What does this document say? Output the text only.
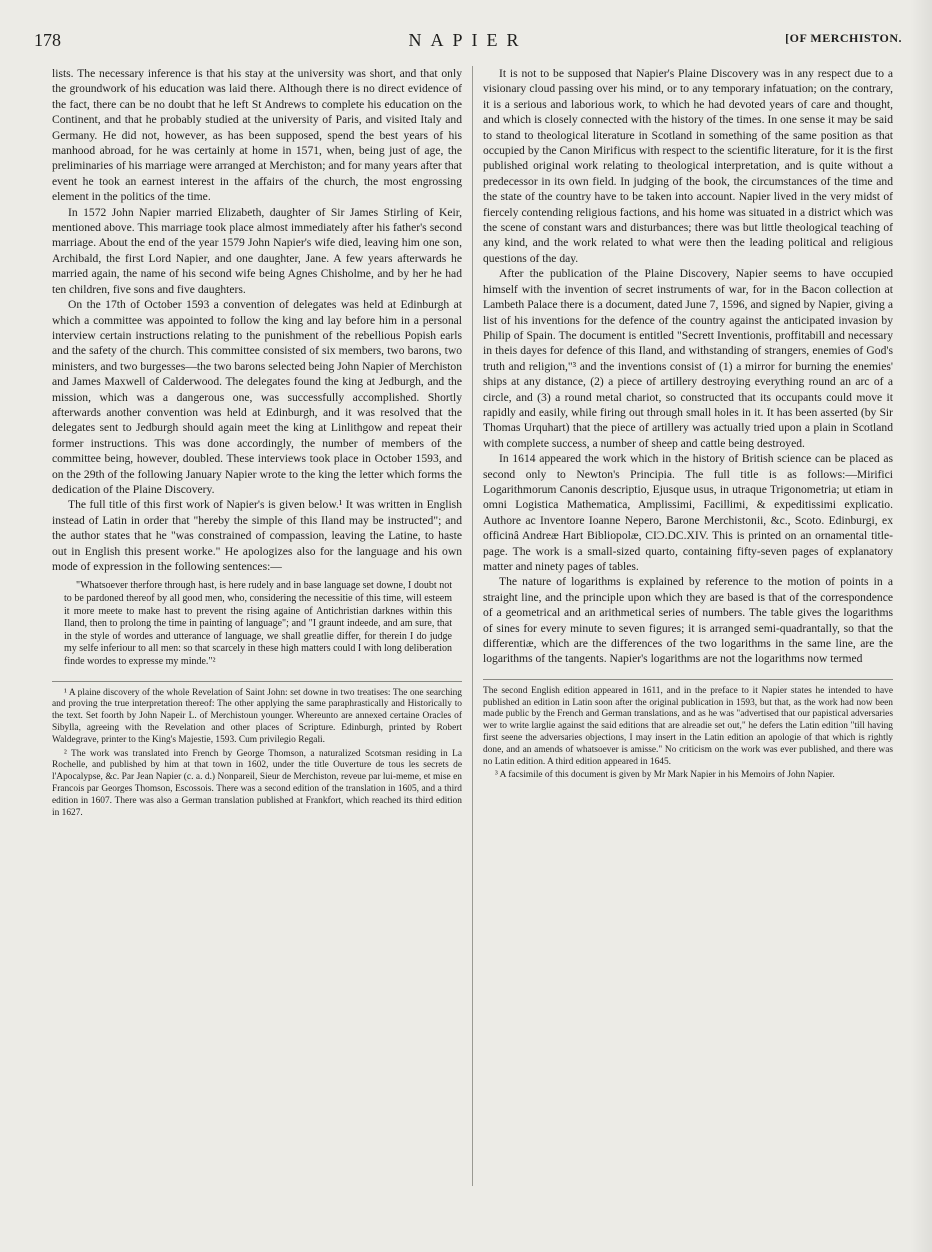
178	NAPIER	[OF MERCHISTON.

lists. The necessary inference is that his stay at the university was short, and that only the groundwork of his education was laid there. Although there is no direct evidence of the fact, there can be no doubt that he left St Andrews to complete his education on the Continent, and that he probably studied at the university of Paris, and visited Italy and Germany. He did not, however, as has been supposed, spend the best years of his manhood abroad, for he was certainly at home in 1571, when, being just of age, the preliminaries of his marriage were arranged at Merchiston; and for many years after that event he took an earnest interest in the affairs of the church, the most engrossing element in the politics of the time.

In 1572 John Napier married Elizabeth, daughter of Sir James Stirling of Keir, mentioned above. This marriage took place almost immediately after his father's second marriage. About the end of the year 1579 John Napier's wife died, leaving him one son, Archibald, the first Lord Napier, and one daughter, Jane. A few years afterwards he married again, the name of his second wife being Agnes Chisholme, and by her he had ten children, five sons and five daughters.

On the 17th of October 1593 a convention of delegates was held at Edinburgh at which a committee was appointed to follow the king and lay before him in a personal interview certain instructions relating to the punishment of the rebellious Popish earls and the safety of the church. This committee consisted of six members, two barons, two ministers, and two burgesses—the two barons selected being John Napier of Merchiston and James Maxwell of Calderwood. The delegates found the king at Jedburgh, and the mission, which was a dangerous one, was successfully accomplished. Shortly afterwards another convention was held at Edinburgh, and it was resolved that the delegates sent to Jedburgh should again meet the king at Linlithgow and repeat their former instructions. This was done accordingly, the number of members of the committee being, however, doubled. These interviews took place in October 1593, and on the 29th of the following January Napier wrote to the king the letter which forms the dedication of the Plaine Discovery.

The full title of this first work of Napier's is given below.¹ It was written in English instead of Latin in order that "hereby the simple of this Iland may be instructed"; and the author states that he "was constrained of compassion, leaving the Latine, to haste out in English this present worke." He apologizes also for the language and his own mode of expression in the following sentences:—

"Whatsoever therfore through hast, is here rudely and in base language set downe, I doubt not to be pardoned thereof by all good men, who, considering the necessitie of this time, will esteem it more meete to make hast to prevent the rising againe of Antichristian darknes within this Iland, then to prolong the time in painting of language"; and "I graunt indeede, and am sure, that in the style of wordes and utterance of language, we shall greatlie differ, for therein I do judge my selfe inferiour to all men: so that scarcely in these high matters could I with long deliberation finde wordes to expresse my minde."²

¹ A plaine discovery of the whole Revelation of Saint John: set downe in two treatises: The one searching and proving the true interpretation thereof: The other applying the same paraphrastically and Historically to the text. Set foorth by John Napeir L. of Merchistoun younger. Whereunto are annexed certaine Oracles of Sibylla, agreeing with the Revelation and other places of Scripture. Edinburgh, printed by Robert Waldegrave, printer to the King's Majestie, 1593. Cum privilegio Regali.

² The work was translated into French by George Thomson, a naturalized Scotsman residing in La Rochelle, and published by him at that town in 1602, under the title Ouverture de tous les secrets de l'Apocalypse, &c. Par Jean Napier (c. a. d.) Nonpareil, Sieur de Merchiston, reveue par lui-meme, et mise en Francois par Georges Thomson, Escossois. There was a second edition of the translation in 1605, and a third edition in 1607. There was also a German translation published at Frankfort, which reached its third edition in 1627.

It is not to be supposed that Napier's Plaine Discovery was in any respect due to a visionary cloud passing over his mind, or to any temporary infatuation; on the contrary, it is a serious and laborious work, to which he had devoted years of care and thought, and which is closely connected with the history of the times. In one sense it may be said to stand to theological literature in Scotland in something of the same position as that occupied by the Canon Mirificus with respect to the scientific literature, for it is the first published original work relating to theological interpretation, and is quite without a predecessor in its own field. In judging of the book, the circumstances of the time and the state of the country have to be taken into account. Napier lived in the very midst of fiercely contending religious factions, and his home was situated in a district which was the scene of constant wars and disturbances; there was but little theological teaching of any kind, and the work related to what were then the leading political and religious questions of the day.

After the publication of the Plaine Discovery, Napier seems to have occupied himself with the invention of secret instruments of war, for in the Bacon collection at Lambeth Palace there is a document, dated June 7, 1596, and signed by Napier, giving a list of his inventions for the defence of the country against the anticipated invasion by Philip of Spain. The document is entitled "Secrett Inventionis, proffitabill and necessary in theis dayes for defence of this Iland, and withstanding of strangers, enemies of God's truth and religion,"³ and the inventions consist of (1) a mirror for burning the enemies' ships at any distance, (2) a piece of artillery destroying everything round an arc of a circle, and (3) a round metal chariot, so constructed that its occupants could move it rapidly and easily, while firing out through small holes in it. It has been asserted (by Sir Thomas Urquhart) that the piece of artillery was actually tried upon a plain in Scotland with complete success, a number of sheep and cattle being destroyed.

In 1614 appeared the work which in the history of British science can be placed as second only to Newton's Principia. The full title is as follows:—Mirifici Logarithmorum Canonis descriptio, Ejusque usus, in utraque Trigonometria; ut etiam in omni Logistica Mathematica, Amplissimi, Facillimi, & expeditissimi explicatio. Authore ac Inventore Ioanne Nepero, Barone Merchistonii, &c., Scoto. Edinburgi, ex officinâ Andreæ Hart Bibliopolæ, CIϽ.DC.XIV. This is printed on an ornamental title-page. The work is a small-sized quarto, containing fifty-seven pages of explanatory matter and ninety pages of tables.

The nature of logarithms is explained by reference to the motion of points in a straight line, and the principle upon which they are based is that of the correspondence of a geometrical and an arithmetical series of numbers. The table gives the logarithms of sines for every minute to seven figures; it is arranged semi-quadrantally, so that the differentiæ, which are the differences of the two logarithms in the same line, are the logarithms of the tangents. Napier's logarithms are not the logarithms now termed

The second English edition appeared in 1611, and in the preface to it Napier states he intended to have published an edition in Latin soon after the original publication in 1593, but that, as the work had now been made public by the French and German translations, and as he was "advertised that our papistical adversaries wer to write larglie against the said editions that are alreadie set out," he defers the Latin edition "till having first seene the adversaries objections, I may insert in the Latin edition an apologie of that which is rightly done, and an amends of whatsoever is amisse." No criticism on the work was ever published, and there was no Latin edition. A third edition appeared in 1645.

³ A facsimile of this document is given by Mr Mark Napier in his Memoirs of John Napier.
